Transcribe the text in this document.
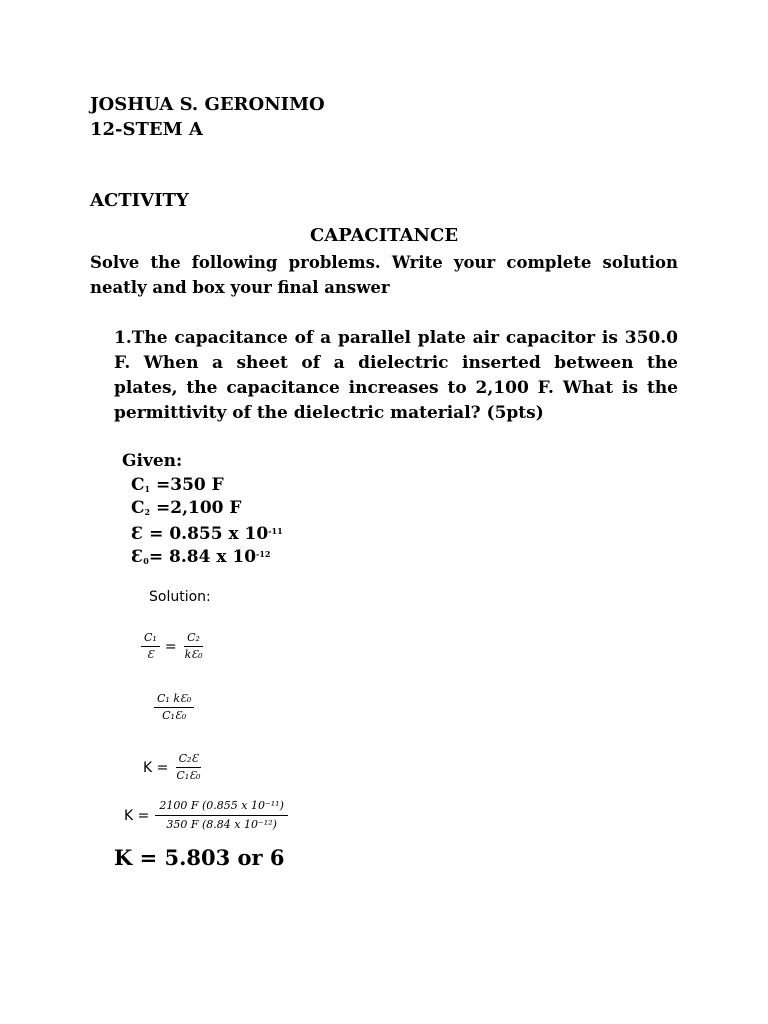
JOSHUA S. GERONIMO
12-STEM A
ACTIVITY
CAPACITANCE
Solve the following problems. Write your complete solution neatly and box your final answer
1.The capacitance of a parallel plate air capacitor is 350.0 F. When a sheet of a dielectric inserted between the plates, the capacitance increases to 2,100 F. What is the permittivity of the dielectric material? (5pts)
Given:
$C_1 =350$ F
$C_2 =2,100$ F
Ɛ = 0.855 x $10^{-11}$
$Ɛ_0= 8.84$ x $10^{-12}$
Solution:
$\frac{\text{C₁}}{Ɛ} = \frac{\text{C₂}}{\text{kƐ₀}}$
$\frac{\text{C₁ kƐ₀}}{\text{C₁Ɛ₀}}$
$K = \frac{\text{C₂Ɛ}}{\text{C₁Ɛ₀}}$
$K = \frac{\text{2100 F (0.855 x 10⁻¹¹)}}{\text{350 F (8.84 x 10⁻¹²)}}$
K = 5.803 or 6
